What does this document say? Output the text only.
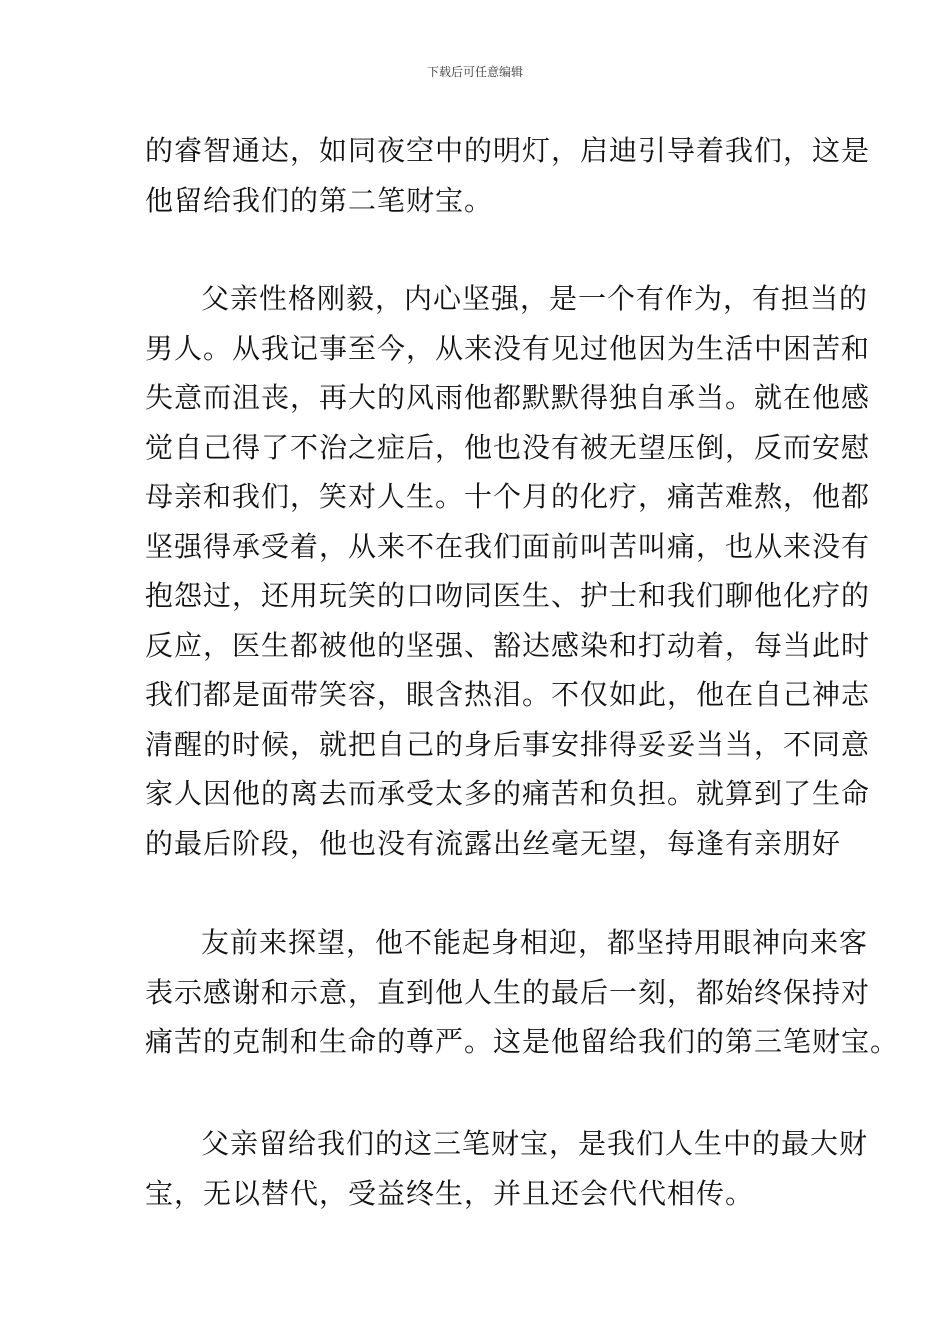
下载后可任意编辑
的睿智通达，如同夜空中的明灯，启迪引导着我们，这是
他留给我们的第二笔财宝。
父亲性格刚毅，内心坚强，是一个有作为，有担当的
男人。从我记事至今，从来没有见过他因为生活中困苦和
失意而沮丧，再大的风雨他都默默得独自承当。就在他感
觉自己得了不治之症后，他也没有被无望压倒，反而安慰
母亲和我们，笑对人生。十个月的化疗，痛苦难熬，他都
坚强得承受着，从来不在我们面前叫苦叫痛，也从来没有
抱怨过，还用玩笑的口吻同医生、护士和我们聊他化疗的
反应，医生都被他的坚强、豁达感染和打动着，每当此时
我们都是面带笑容，眼含热泪。不仅如此，他在自己神志
清醒的时候，就把自己的身后事安排得妥妥当当，不同意
家人因他的离去而承受太多的痛苦和负担。就算到了生命
的最后阶段，他也没有流露出丝毫无望，每逢有亲朋好
友前来探望，他不能起身相迎，都坚持用眼神向来客
表示感谢和示意，直到他人生的最后一刻，都始终保持对
痛苦的克制和生命的尊严。这是他留给我们的第三笔财宝。
父亲留给我们的这三笔财宝，是我们人生中的最大财
宝，无以替代，受益终生，并且还会代代相传。
